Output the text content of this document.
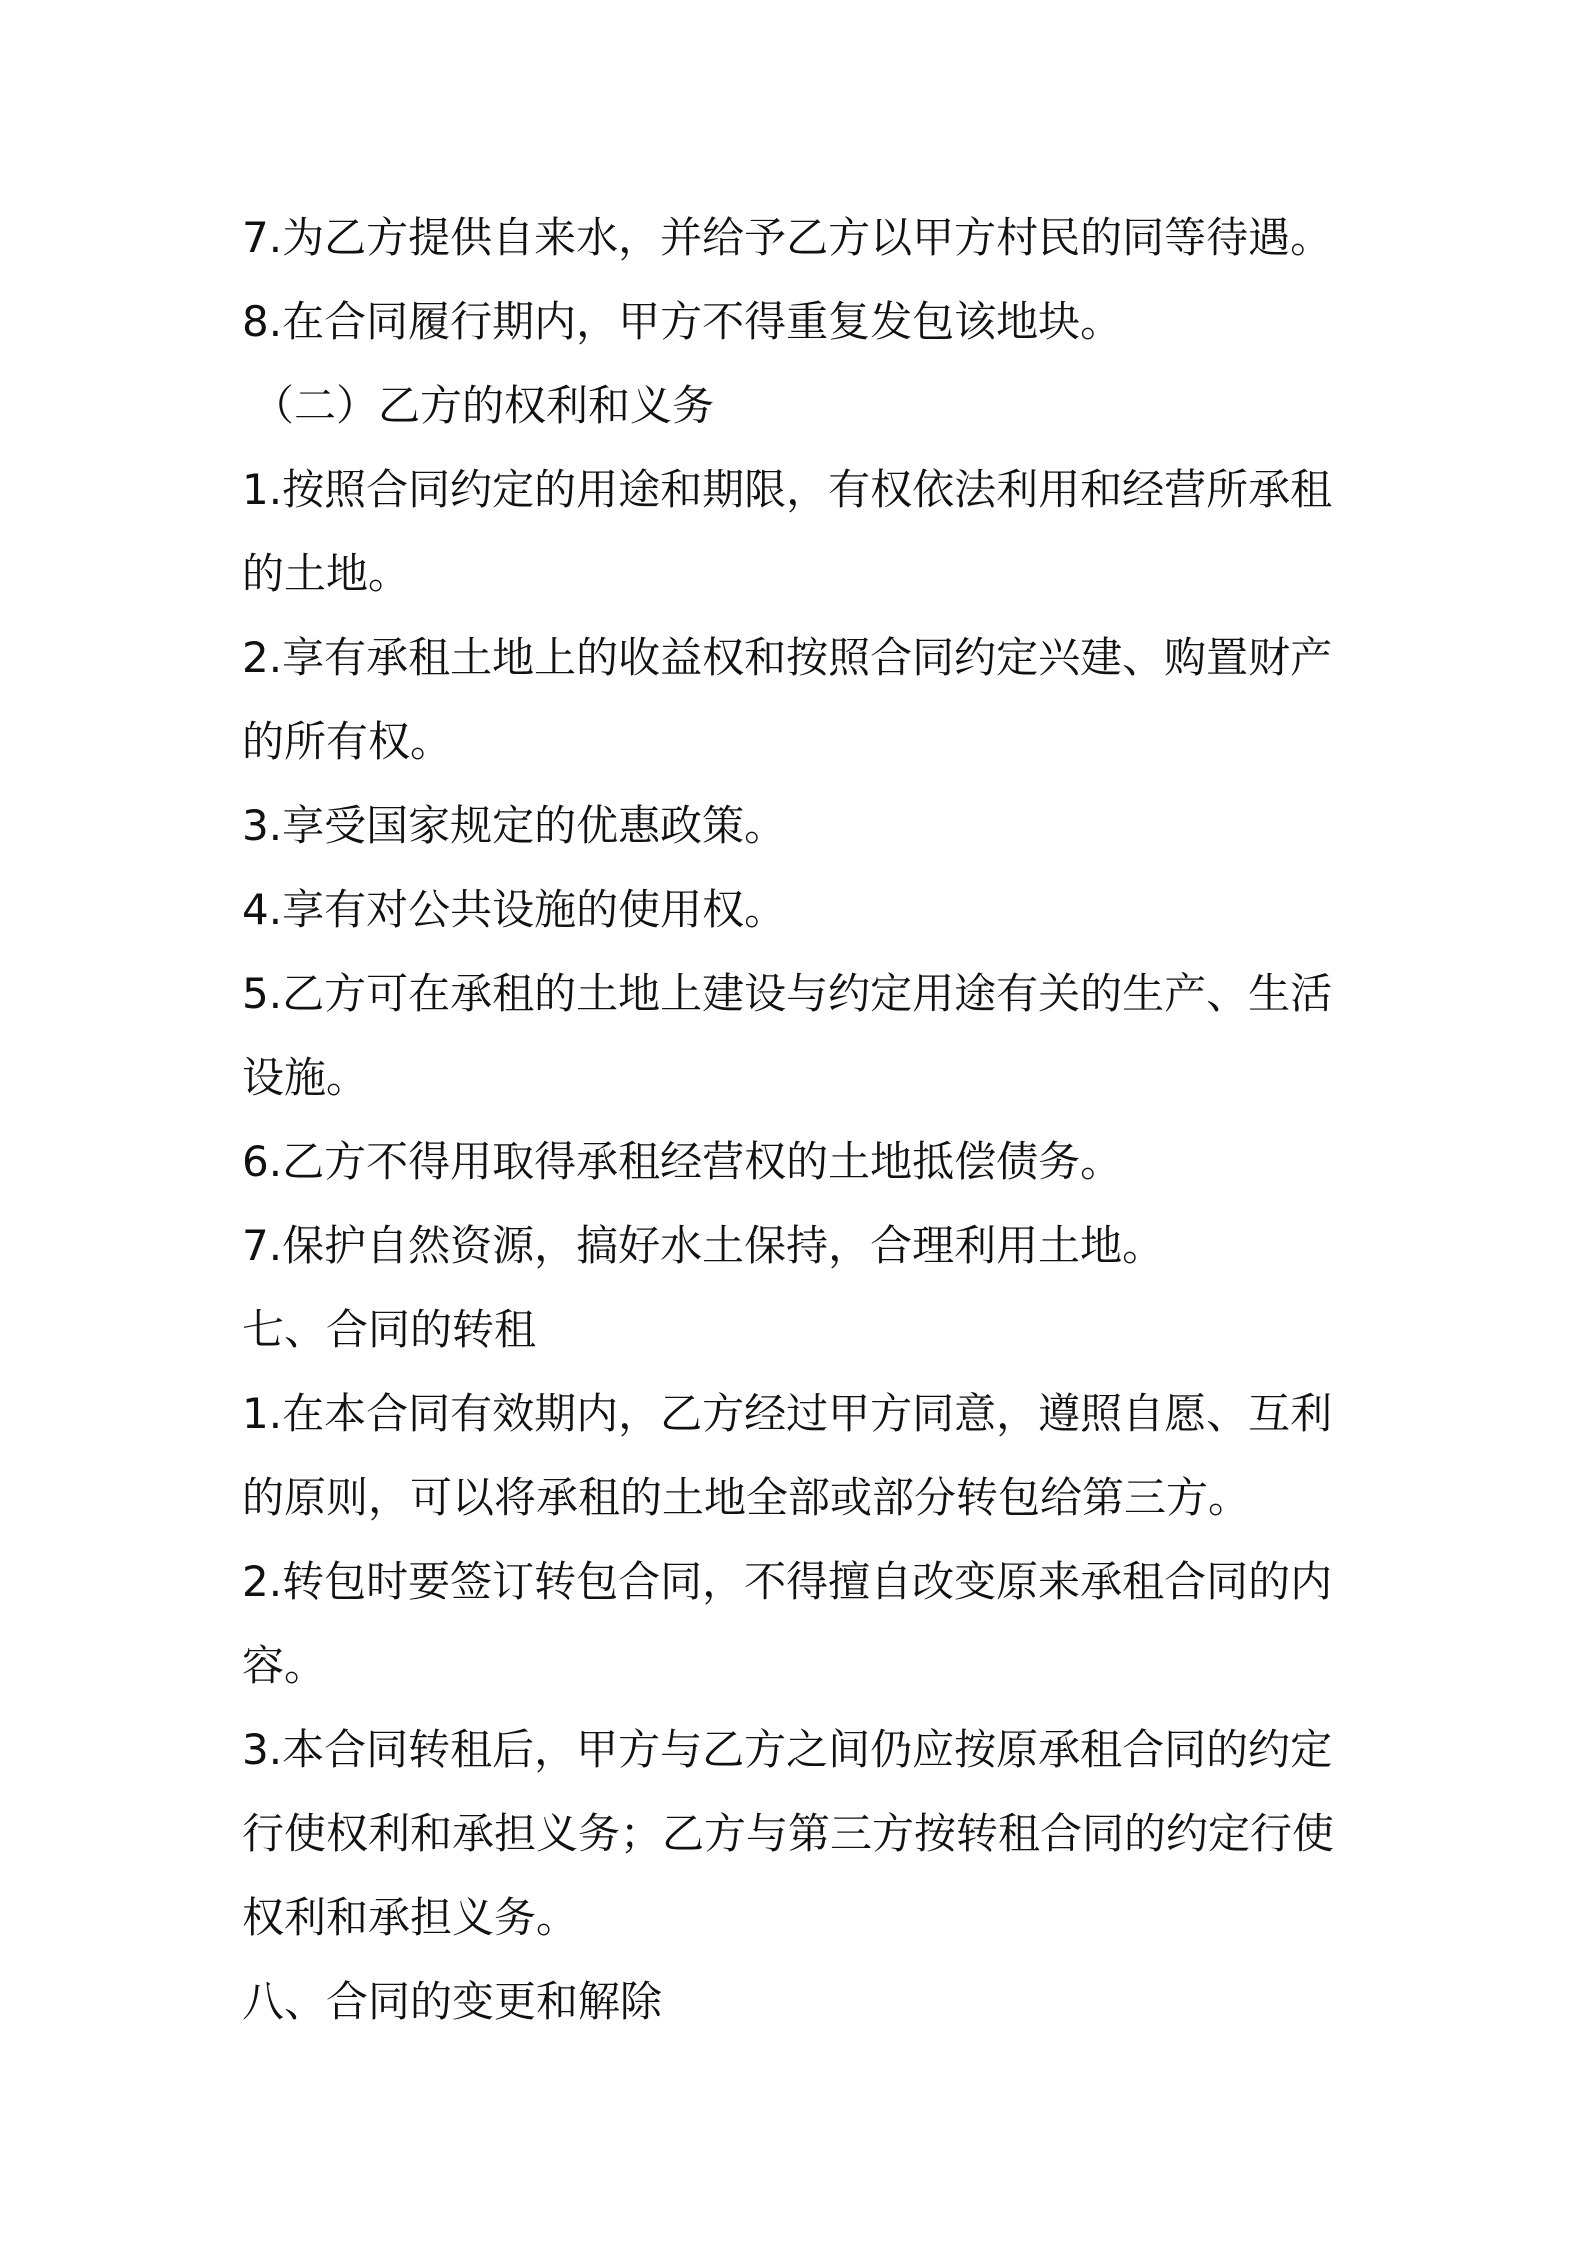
7.为乙方提供自来水，并给予乙方以甲方村民的同等待遇。
8.在合同履行期内，甲方不得重复发包该地块。
（二）乙方的权利和义务
1.按照合同约定的用途和期限，有权依法利用和经营所承租
的土地。
2.享有承租土地上的收益权和按照合同约定兴建、购置财产
的所有权。
3.享受国家规定的优惠政策。
4.享有对公共设施的使用权。
5.乙方可在承租的土地上建设与约定用途有关的生产、生活
设施。
6.乙方不得用取得承租经营权的土地抵偿债务。
7.保护自然资源，搞好水土保持，合理利用土地。
七、合同的转租
1.在本合同有效期内，乙方经过甲方同意，遵照自愿、互利
的原则，可以将承租的土地全部或部分转包给第三方。
2.转包时要签订转包合同，不得擅自改变原来承租合同的内
容。
3.本合同转租后，甲方与乙方之间仍应按原承租合同的约定
行使权利和承担义务；乙方与第三方按转租合同的约定行使
权利和承担义务。
八、合同的变更和解除
